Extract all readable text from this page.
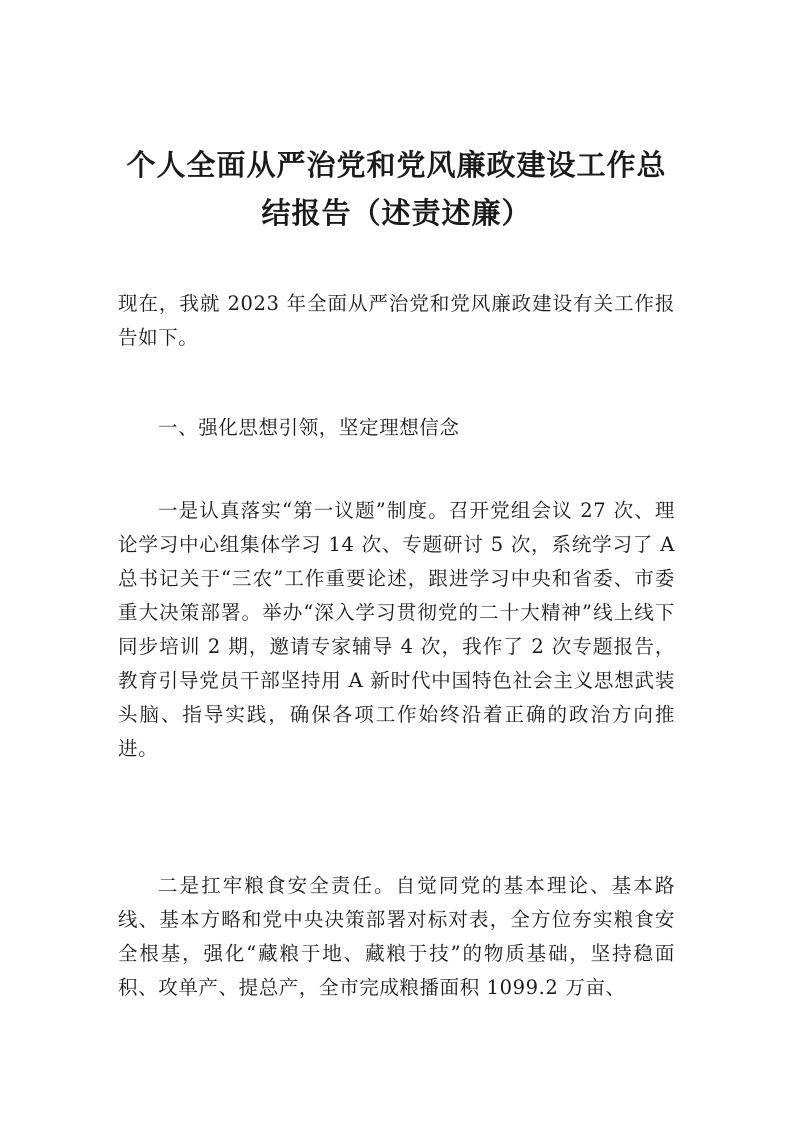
个人全面从严治党和党风廉政建设工作总
结报告（述责述廉）

现在，我就 2023 年全面从严治党和党风廉政建设有关工作报告如下。

一、强化思想引领，坚定理想信念

一是认真落实“第一议题”制度。召开党组会议 27 次、理论学习中心组集体学习 14 次、专题研讨 5 次，系统学习了 A 总书记关于“三农”工作重要论述，跟进学习中央和省委、市委重大决策部署。举办“深入学习贯彻党的二十大精神”线上线下同步培训 2 期，邀请专家辅导 4 次，我作了 2 次专题报告，教育引导党员干部坚持用 A 新时代中国特色社会主义思想武装头脑、指导实践，确保各项工作始终沿着正确的政治方向推进。

二是扛牢粮食安全责任。自觉同党的基本理论、基本路线、基本方略和党中央决策部署对标对表，全方位夯实粮食安全根基，强化“藏粮于地、藏粮于技”的物质基础，坚持稳面积、攻单产、提总产，全市完成粮播面积 1099.2 万亩、
